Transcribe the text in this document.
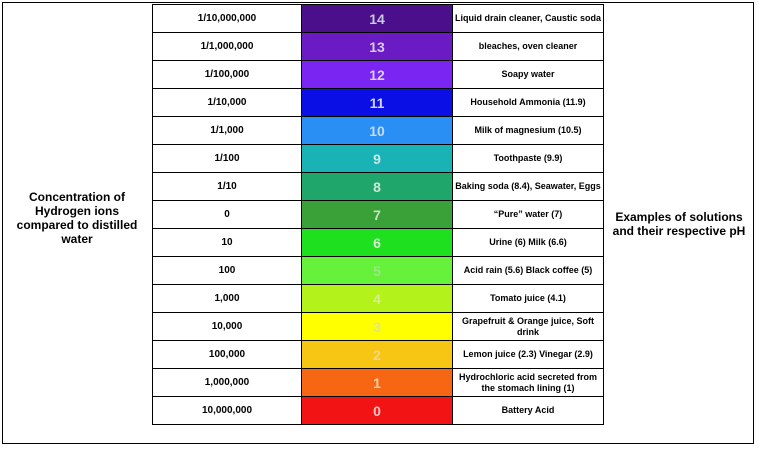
Concentration of Hydrogen ions compared to distilled water
1/10,000,000	14	Liquid drain cleaner, Caustic soda
1/1,000,000	13	bleaches, oven cleaner
1/100,000	12	Soapy water
1/10,000	11	Household Ammonia (11.9)
1/1,000	10	Milk of magnesium (10.5)
1/100	9	Toothpaste (9.9)
1/10	8	Baking soda (8.4), Seawater, Eggs
0	7	“Pure” water (7)
10	6	Urine (6) Milk (6.6)
100	5	Acid rain (5.6) Black coffee (5)
1,000	4	Tomato juice (4.1)
10,000	3	Grapefruit & Orange juice, Soft drink
100,000	2	Lemon juice (2.3) Vinegar (2.9)
1,000,000	1	Hydrochloric acid secreted from the stomach lining (1)
10,000,000	0	Battery Acid
Examples of solutions and their respective pH
